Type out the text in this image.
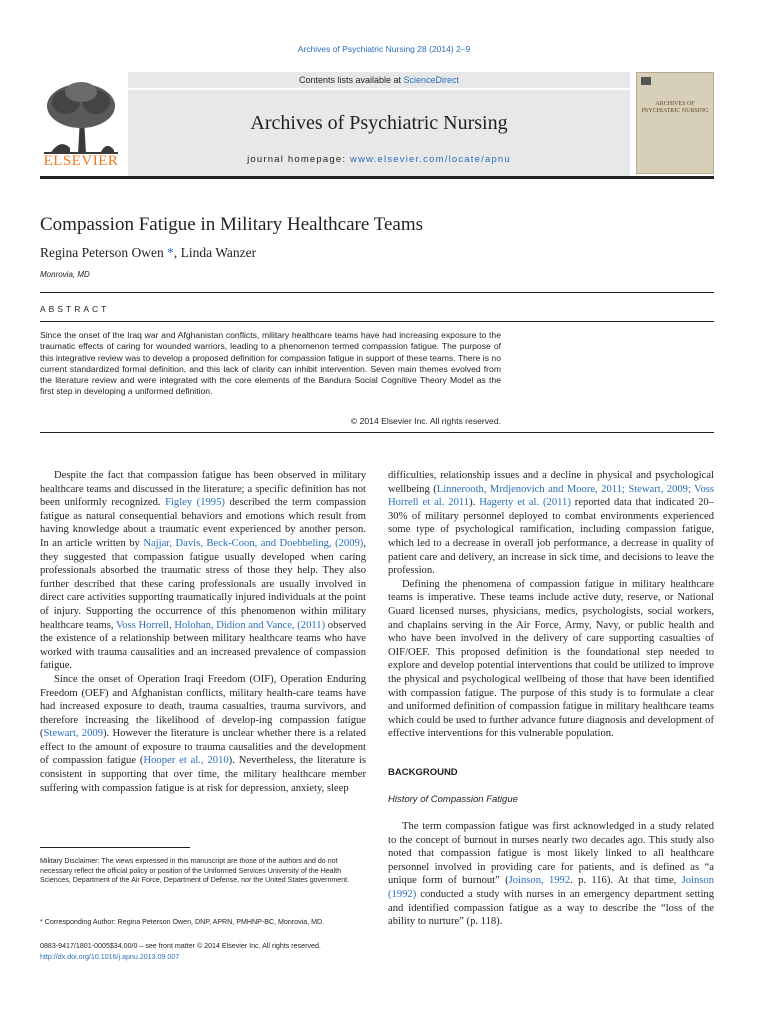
Archives of Psychiatric Nursing 28 (2014) 2–9
ELSEVIER
Contents lists available at ScienceDirect
Archives of Psychiatric Nursing
journal homepage: www.elsevier.com/locate/apnu
ARCHIVES OF PSYCHIATRIC NURSING
Compassion Fatigue in Military Healthcare Teams
Regina Peterson Owen *, Linda Wanzer
Monrovia, MD
ABSTRACT
Since the onset of the Iraq war and Afghanistan conflicts, military healthcare teams have had increasing exposure to the traumatic effects of caring for wounded warriors, leading to a phenomenon termed compassion fatigue. The purpose of this integrative review was to develop a proposed definition for compassion fatigue in support of these teams. There is no current standardized formal definition, and this lack of clarity can inhibit intervention. Seven main themes evolved from the literature review and were integrated with the core elements of the Bandura Social Cognitive Theory Model as the first step in developing a uniformed definition.
© 2014 Elsevier Inc. All rights reserved.

Despite the fact that compassion fatigue has been observed in military healthcare teams and discussed in the literature; a specific definition has not been uniformly recognized. Figley (1995) described the term compassion fatigue as natural consequential behaviors and emotions which result from having knowledge about a traumatic event experienced by another person. In an article written by Najjar, Davis, Beck-Coon, and Doebbeling, (2009), they suggested that compassion fatigue usually developed when caring professionals absorbed the traumatic stress of those they help. They also further described that these caring professionals are usually involved in direct care activities supporting traumatically injured individuals at the point of injury. Supporting the occurrence of this phenomenon within military healthcare teams, Voss Horrell, Holohan, Didion and Vance, (2011) observed the existence of a relationship between military healthcare teams who have worked with trauma causalities and an increased prevalence of compassion fatigue.

Since the onset of Operation Iraqi Freedom (OIF), Operation Enduring Freedom (OEF) and Afghanistan conflicts, military health-care teams have had increased exposure to death, trauma casualties, trauma survivors, and therefore increasing the likelihood of develop-ing compassion fatigue (Stewart, 2009). However the literature is unclear whether there is a related effect to the amount of exposure to trauma causalities and the development of compassion fatigue (Hooper et al., 2010). Nevertheless, the literature is consistent in supporting that over time, the military healthcare member suffering with compassion fatigue is at risk for depression, anxiety, sleep

difficulties, relationship issues and a decline in physical and psychological wellbeing (Linnerooth, Mrdjenovich and Moore, 2011; Stewart, 2009; Voss Horrell et al. 2011). Hagerty et al. (2011) reported data that indicated 20–30% of military personnel deployed to combat environments experienced some type of psychological ramification, including compassion fatigue, which led to a decrease in overall job performance, a decrease in quality of patient care and delivery, an increase in sick time, and decisions to leave the profession.

Defining the phenomena of compassion fatigue in military healthcare teams is imperative. These teams include active duty, reserve, or National Guard licensed nurses, physicians, medics, psychologists, social workers, and chaplains serving in the Air Force, Army, Navy, or public health and who have been involved in the delivery of care supporting casualties of OIF/OEF. This proposed definition is the foundational step needed to explore and develop potential interventions that could be utilized to improve the physical and psychological wellbeing of those that have been identified with compassion fatigue. The purpose of this study is to formulate a clear and uniformed definition of compassion fatigue in military healthcare teams which could be used to further advance future diagnosis and development of effective interventions for this vulnerable population.

BACKGROUND
History of Compassion Fatigue

The term compassion fatigue was first acknowledged in a study related to the concept of burnout in nurses nearly two decades ago. This study also noted that compassion fatigue is most likely linked to all healthcare personnel involved in providing care for patients, and is defined as “a unique form of burnout” (Joinson, 1992. p. 116). At that time, Joinson (1992) conducted a study with nurses in an emergency department setting and identified compassion fatigue as a way to describe the “loss of the ability to nurture” (p. 118).

Military Disclaimer: The views expressed in this manuscript are those of the authors and do not necessary reflect the official policy or position of the Uniformed Services University of the Health Sciences, Department of the Air Force, Department of Defense, nor the United States government.
* Corresponding Author: Regina Peterson Owen, DNP, APRN, PMHNP-BC, Monrovia, MD.
0883-9417/1801-0005$34.00/0 – see front matter © 2014 Elsevier Inc. All rights reserved.
http://dx.doi.org/10.1016/j.apnu.2013.09.007
